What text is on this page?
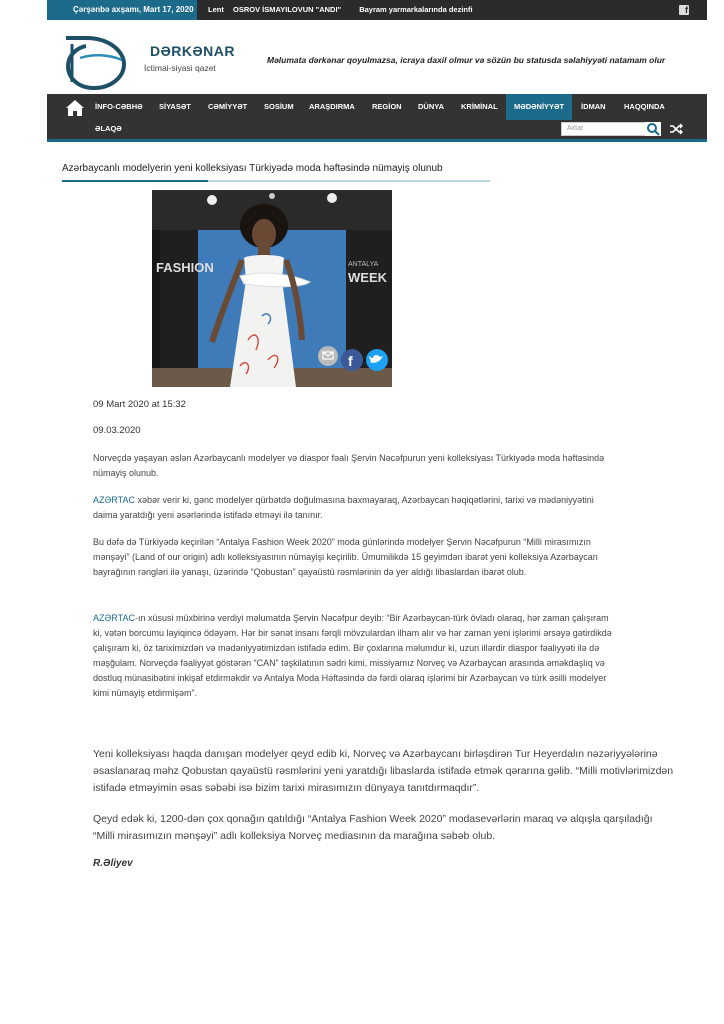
Çərşənbə axşamı, Mart 17, 2020	Lent OSROV İSMAYILOVUN "ANDI" Bayram yarmarkalarında dezinfi	f
DƏRKƏNAR
İctimai-siyasi qazet
Məlumata dərkənar qoyulmazsa, icraya daxil olmur və sözün bu statusda səlahiyyəti natamam olur
İNFO-CƏBHƏ SİYASƏT CƏMİYYƏT SOSİUM ARAŞDIRMA REGİON DÜNYA KRİMİNAL	MƏDƏNİYYƏT	İDMAN HAQQINDA
ƏLAQƏ	Axtar
Azərbaycanlı modelyerin yeni kolleksiyası Türkiyədə moda həftəsində nümayiş olunub
FASHION	ANTALYA
WEEK
f
09 Mart 2020 at 15:32
09.03.2020
Norveçdə yaşayan əslən Azərbaycanlı modelyer və diaspor fəalı Şervin Nəcəfpurun yeni kolleksiyası Türkiyədə moda həftəsində nümayiş olunub.
AZƏRTAC xəbər verir ki, gənc modelyer qürbətdə doğulmasına baxmayaraq, Azərbaycan həqiqətlərini, tarixi və mədəniyyətini daima yaratdığı yeni əsərlərində istifadə etməyi ilə tanınır.
Bu dəfə də Türkiyədə keçirilən “Antalya Fashion Week 2020” moda günlərində modelyer Şervin Nəcəfpurun “Milli mirasımızın mənşəyi” (Land of our origin) adlı kolleksiyasının nümayişi keçirilib. Ümumilikdə 15 geyimdən ibarət yeni kolleksiya Azərbaycan bayrağının rəngləri ilə yanaşı, üzərində “Qobustan” qayaüstü rəsmlərinin də yer aldığı libaslardan ibarət olub.
AZƏRTAC-ın xüsusi müxbirinə verdiyi məlumatda Şervin Nəcəfpur deyib: “Bir Azərbaycan-türk övladı olaraq, hər zaman çalışıram ki, vətən borcumu layiqincə ödəyəm. Hər bir sənət insanı fərqli mövzulardan ilham alır və hər zaman yeni işlərimi ərsəyə gətirdikdə çalışıram ki, öz tariximizdən və mədəniyyətimizdən istifadə edim. Bir çoxlarına məlumdur ki, uzun illərdir diaspor fəaliyyəti ilə də məşğulam. Norveçdə fəaliyyət göstərən “CAN” təşkilatının sədri kimi, missiyamız Norveç və Azərbaycan arasında əməkdaşlıq və dostluq münasibətini inkişaf etdirməkdir və Antalya Moda Həftəsində də fərdi olaraq işlərimi bir Azərbaycan və türk əsilli modelyer kimi nümayiş etdirmişəm”.
Yeni kolleksiyası haqda danışan modelyer qeyd edib ki, Norveç və Azərbaycanı birləşdirən Tur Heyerdalın nəzəriyyələrinə əsaslanaraq məhz Qobustan qayaüstü rəsmlərini yeni yaratdığı libaslarda istifadə etmək qərarına gəlib. “Milli motivlərimizdən istifadə etməyimin əsas səbəbi isə bizim tarixi mirasımızın dünyaya tanıtdırmaqdır”.
Qeyd edək ki, 1200-dən çox qonağın qatıldığı “Antalya Fashion Week 2020” modasevərlərin maraq və alqışla qarşıladığı “Milli mirasımızın mənşəyi” adlı kolleksiya Norveç mediasının da marağına səbəb olub.
R.Əliyev
